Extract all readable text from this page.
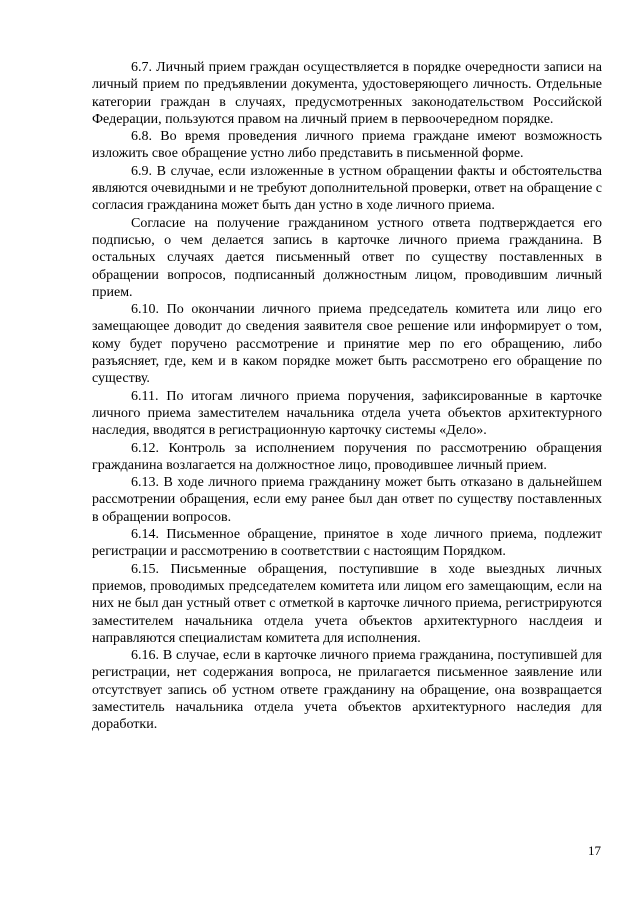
6.7. Личный прием граждан осуществляется в порядке очередности записи на личный прием по предъявлении документа, удостоверяющего личность. Отдельные категории граждан в случаях, предусмотренных законодательством Российской Федерации, пользуются правом на личный прием в первоочередном порядке.

6.8. Во время проведения личного приема граждане имеют возможность изложить свое обращение устно либо представить в письменной форме.

6.9. В случае, если изложенные в устном обращении факты и обстоятельства являются очевидными и не требуют дополнительной проверки, ответ на обращение с согласия гражданина может быть дан устно в ходе личного приема.

Согласие на получение гражданином устного ответа подтверждается его подписью, о чем делается запись в карточке личного приема гражданина. В остальных случаях дается письменный ответ по существу поставленных в обращении вопросов, подписанный должностным лицом, проводившим личный прием.

6.10. По окончании личного приема председатель комитета или лицо его замещающее доводит до сведения заявителя свое решение или информирует о том, кому будет поручено рассмотрение и принятие мер по его обращению, либо разъясняет, где, кем и в каком порядке может быть рассмотрено его обращение по существу.

6.11. По итогам личного приема поручения, зафиксированные в карточке личного приема заместителем начальника отдела учета объектов архитектурного наследия, вводятся в регистрационную карточку системы «Дело».

6.12. Контроль за исполнением поручения по рассмотрению обращения гражданина возлагается на должностное лицо, проводившее личный прием.

6.13. В ходе личного приема гражданину может быть отказано в дальнейшем рассмотрении обращения, если ему ранее был дан ответ по существу поставленных в обращении вопросов.

6.14. Письменное обращение, принятое в ходе личного приема, подлежит регистрации и рассмотрению в соответствии с настоящим Порядком.

6.15. Письменные обращения, поступившие в ходе выездных личных приемов, проводимых председателем комитета или лицом его замещающим, если на них не был дан устный ответ с отметкой в карточке личного приема, регистрируются заместителем начальника отдела учета объектов архитектурного наслдеия и направляются специалистам комитета для исполнения.

6.16. В случае, если в карточке личного приема гражданина, поступившей для регистрации, нет содержания вопроса, не прилагается письменное заявление или отсутствует запись об устном ответе гражданину на обращение, она возвращается заместитель начальника отдела учета объектов архитектурного наследия для доработки.

17
